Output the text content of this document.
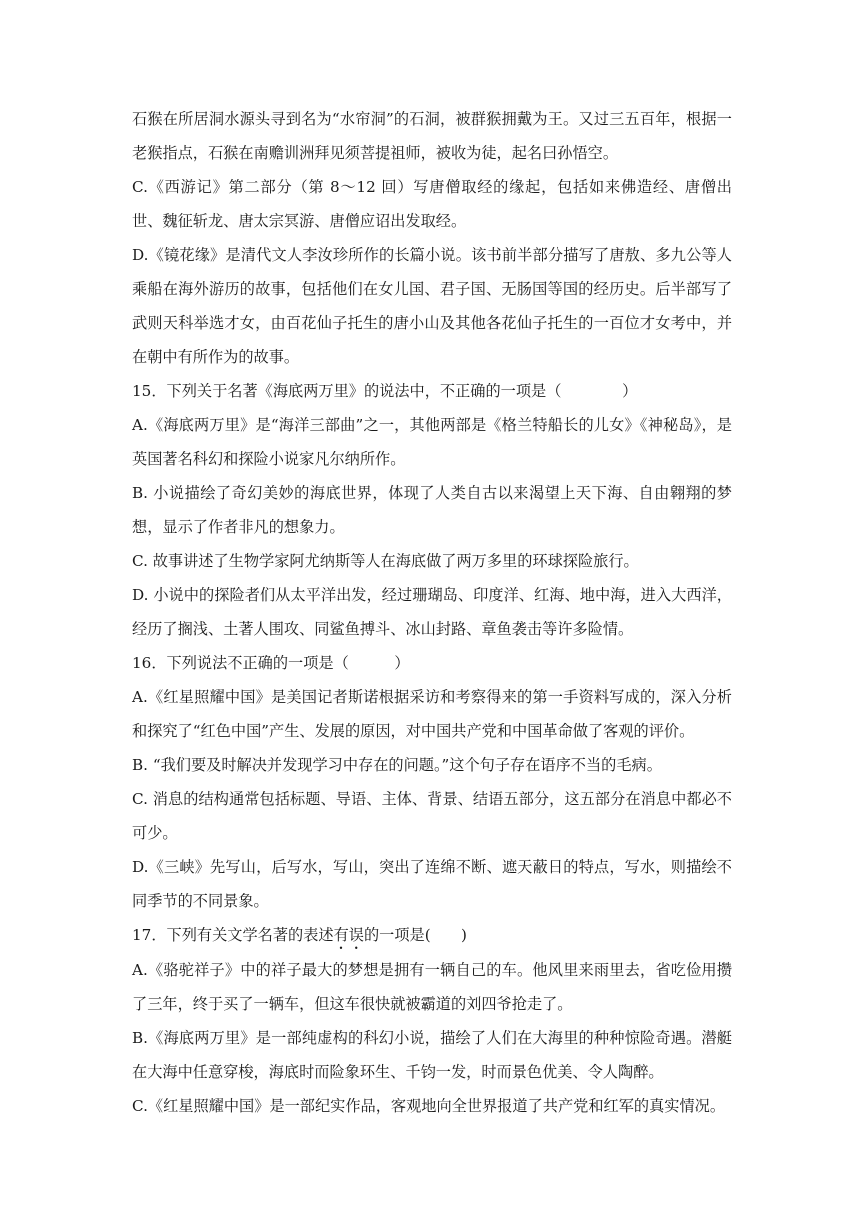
石猴在所居洞水源头寻到名为“水帘洞”的石洞，被群猴拥戴为王。又过三五百年，根据一老猴指点，石猴在南赡训洲拜见须菩提祖师，被收为徒，起名曰孙悟空。

C.《西游记》第二部分（第 8～12 回）写唐僧取经的缘起，包括如来佛造经、唐僧出世、魏征斩龙、唐太宗冥游、唐僧应诏出发取经。

D.《镜花缘》是清代文人李汝珍所作的长篇小说。该书前半部分描写了唐敖、多九公等人乘船在海外游历的故事，包括他们在女儿国、君子国、无肠国等国的经历史。后半部写了武则天科举选才女，由百花仙子托生的唐小山及其他各花仙子托生的一百位才女考中，并在朝中有所作为的故事。

15．下列关于名著《海底两万里》的说法中，不正确的一项是（　　　　）

A.《海底两万里》是“海洋三部曲”之一，其他两部是《格兰特船长的儿女》《神秘岛》，是英国著名科幻和探险小说家凡尔纳所作。

B. 小说描绘了奇幻美妙的海底世界，体现了人类自古以来渴望上天下海、自由翱翔的梦想，显示了作者非凡的想象力。

C. 故事讲述了生物学家阿尤纳斯等人在海底做了两万多里的环球探险旅行。

D. 小说中的探险者们从太平洋出发，经过珊瑚岛、印度洋、红海、地中海，进入大西洋，经历了搁浅、土著人围攻、同鲨鱼搏斗、冰山封路、章鱼袭击等许多险情。

16．下列说法不正确的一项是（　　　）

A.《红星照耀中国》是美国记者斯诺根据采访和考察得来的第一手资料写成的，深入分析和探究了“红色中国”产生、发展的原因，对中国共产党和中国革命做了客观的评价。

B. “我们要及时解决并发现学习中存在的问题。”这个句子存在语序不当的毛病。

C. 消息的结构通常包括标题、导语、主体、背景、结语五部分，这五部分在消息中都必不可少。

D.《三峡》先写山，后写水，写山，突出了连绵不断、遮天蔽日的特点，写水，则描绘不同季节的不同景象。

17．下列有关文学名著的表述有误的一项是(　　)

A.《骆驼祥子》中的祥子最大的梦想是拥有一辆自己的车。他风里来雨里去，省吃俭用攒了三年，终于买了一辆车，但这车很快就被霸道的刘四爷抢走了。

B.《海底两万里》是一部纯虚构的科幻小说，描绘了人们在大海里的种种惊险奇遇。潜艇在大海中任意穿梭，海底时而险象环生、千钧一发，时而景色优美、令人陶醉。

C.《红星照耀中国》是一部纪实作品，客观地向全世界报道了共产党和红军的真实情况。
